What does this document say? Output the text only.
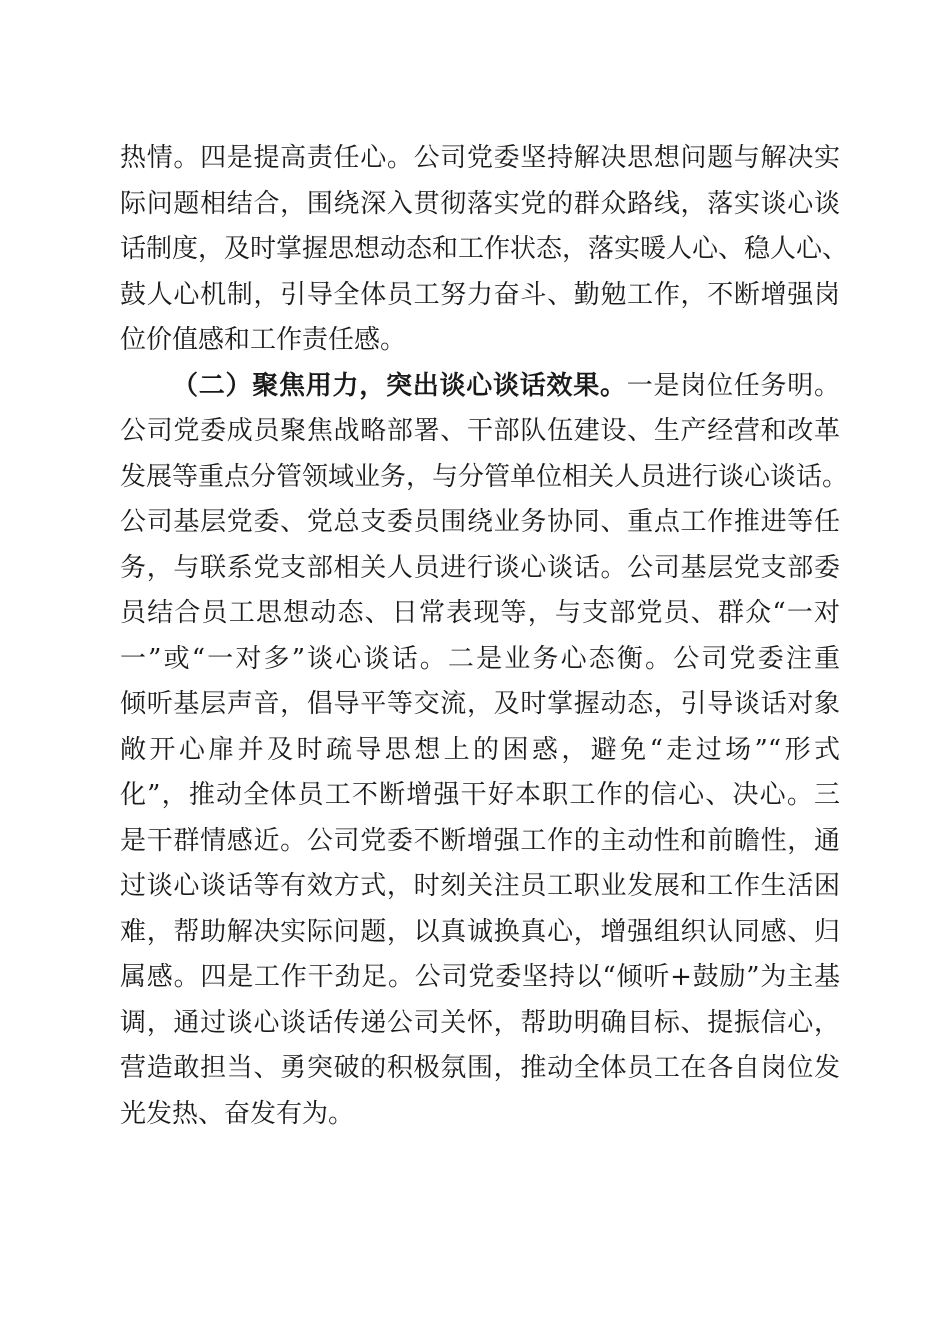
热情。四是提高责任心。公司党委坚持解决思想问题与解决实
际问题相结合，围绕深入贯彻落实党的群众路线，落实谈心谈
话制度，及时掌握思想动态和工作状态，落实暖人心、稳人心、
鼓人心机制，引导全体员工努力奋斗、勤勉工作，不断增强岗
位价值感和工作责任感。
（二）聚焦用力，突出谈心谈话效果。一是岗位任务明。
公司党委成员聚焦战略部署、干部队伍建设、生产经营和改革
发展等重点分管领域业务，与分管单位相关人员进行谈心谈话。
公司基层党委、党总支委员围绕业务协同、重点工作推进等任
务，与联系党支部相关人员进行谈心谈话。公司基层党支部委
员结合员工思想动态、日常表现等，与支部党员、群众“一对
一”或“一对多”谈心谈话。二是业务心态衡。公司党委注重
倾听基层声音，倡导平等交流，及时掌握动态，引导谈话对象
敞开心扉并及时疏导思想上的困惑，避免“走过场”“形式
化”，推动全体员工不断增强干好本职工作的信心、决心。三
是干群情感近。公司党委不断增强工作的主动性和前瞻性，通
过谈心谈话等有效方式，时刻关注员工职业发展和工作生活困
难，帮助解决实际问题，以真诚换真心，增强组织认同感、归
属感。四是工作干劲足。公司党委坚持以“倾听+鼓励”为主基
调，通过谈心谈话传递公司关怀，帮助明确目标、提振信心，
营造敢担当、勇突破的积极氛围，推动全体员工在各自岗位发
光发热、奋发有为。
